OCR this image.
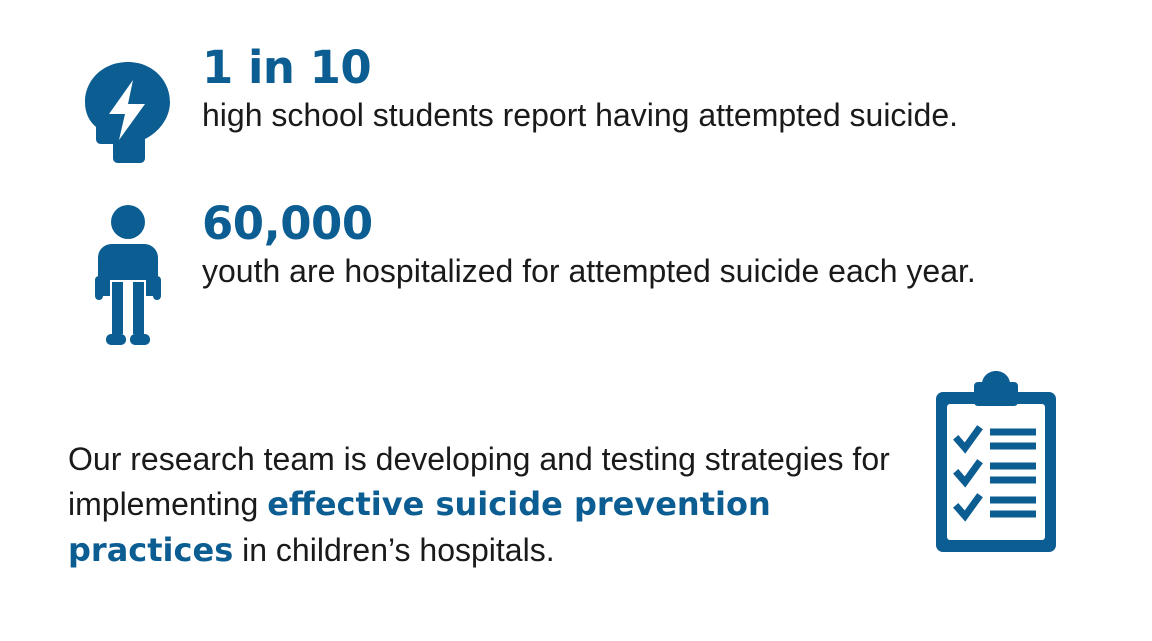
1 in 10
high school students report having attempted suicide.
60,000
youth are hospitalized for attempted suicide each year.

Our research team is developing and testing strategies for implementing effective suicide prevention practices in children’s hospitals.
